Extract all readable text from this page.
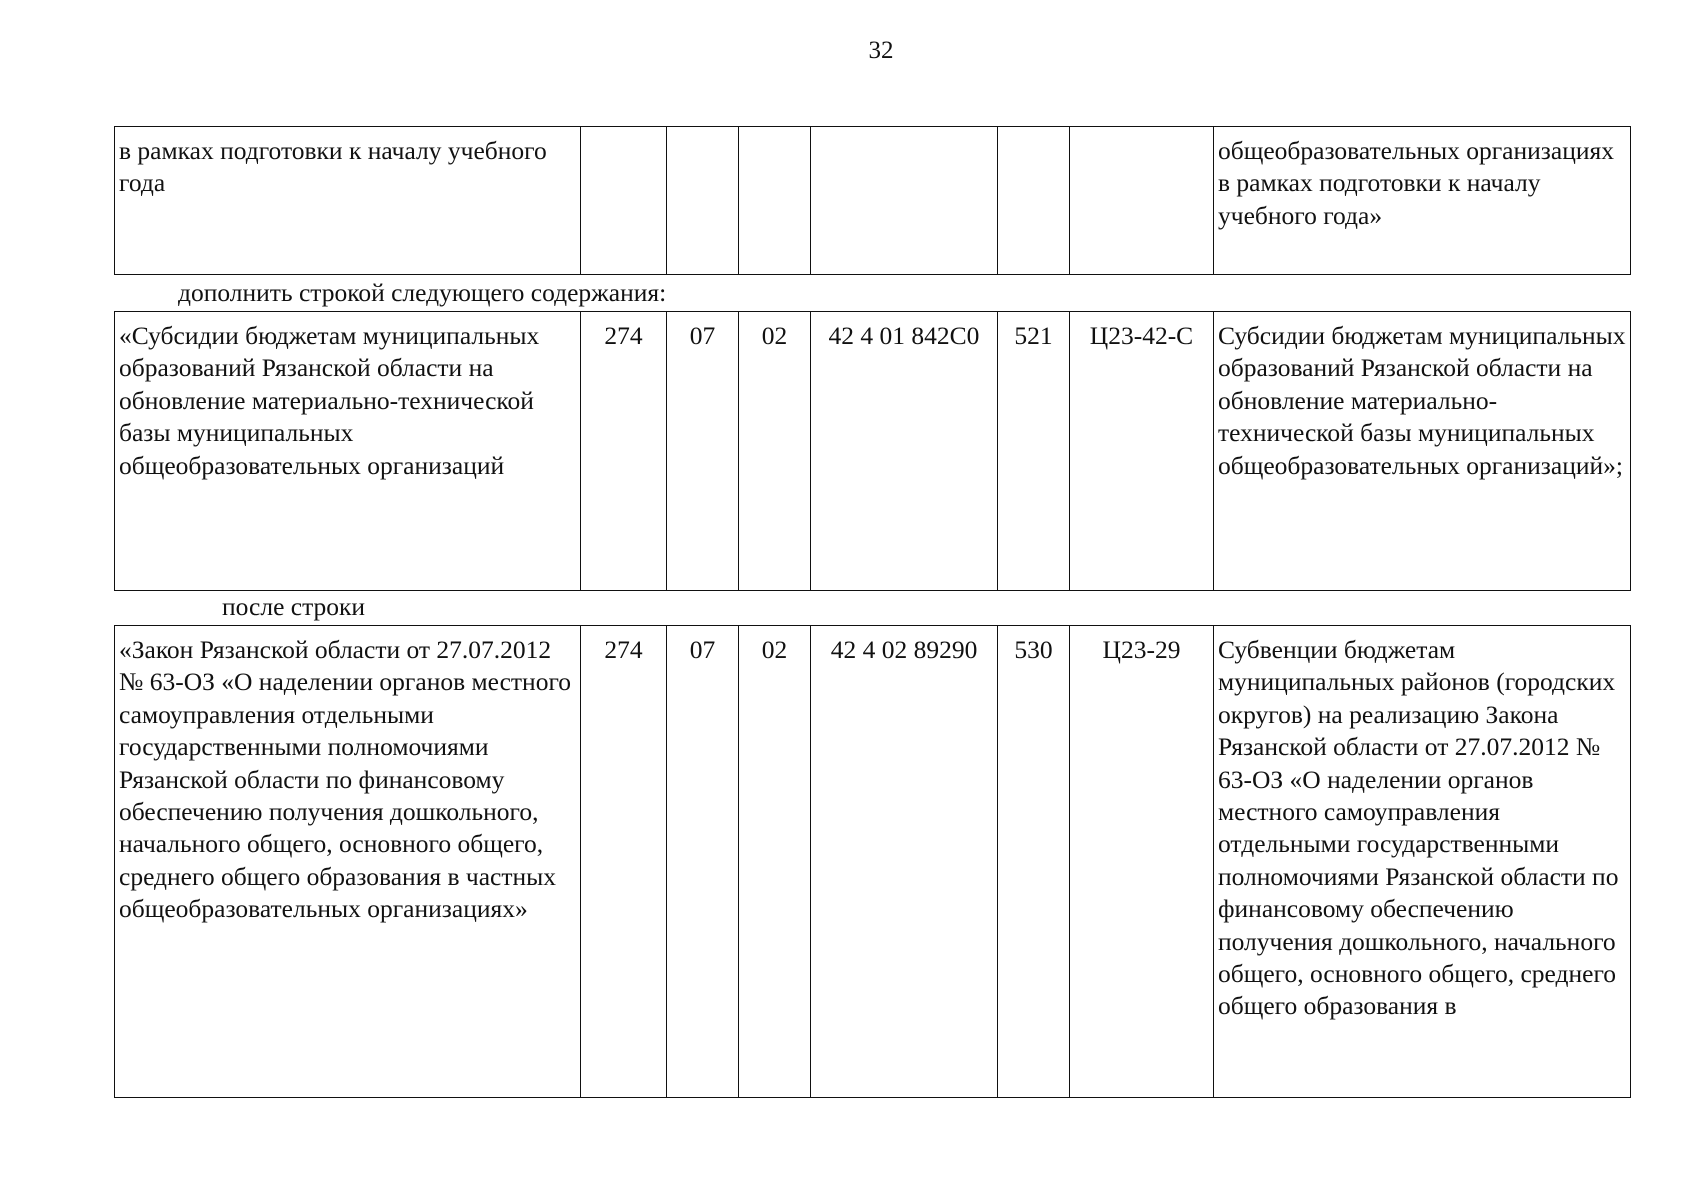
32
в рамках подготовки к началу учебного года							общеобразовательных организациях в рамках подготовки к началу учебного года»
дополнить строкой следующего содержания:
«Субсидии бюджетам муниципальных образований Рязанской области на обновление материально-технической базы муниципальных общеобразовательных организаций	274	07	02	42 4 01 842C0	521	Ц23-42-С	Субсидии бюджетам муниципальных образований Рязанской области на обновление материально-технической базы муниципальных общеобразовательных организаций»;
после строки
«Закон Рязанской области от 27.07.2012 № 63-ОЗ «О наделении органов местного самоуправления отдельными государственными полномочиями Рязанской области по финансовому обеспечению получения дошкольного, начального общего, основного общего, среднего общего образования в частных общеобразовательных организациях»	274	07	02	42 4 02 89290	530	Ц23-29	Субвенции бюджетам муниципальных районов (городских округов) на реализацию Закона Рязанской области от 27.07.2012 № 63-ОЗ «О наделении органов местного самоуправления отдельными государственными полномочиями Рязанской области по финансовому обеспечению получения дошкольного, начального общего, основного общего, среднего общего образования в
